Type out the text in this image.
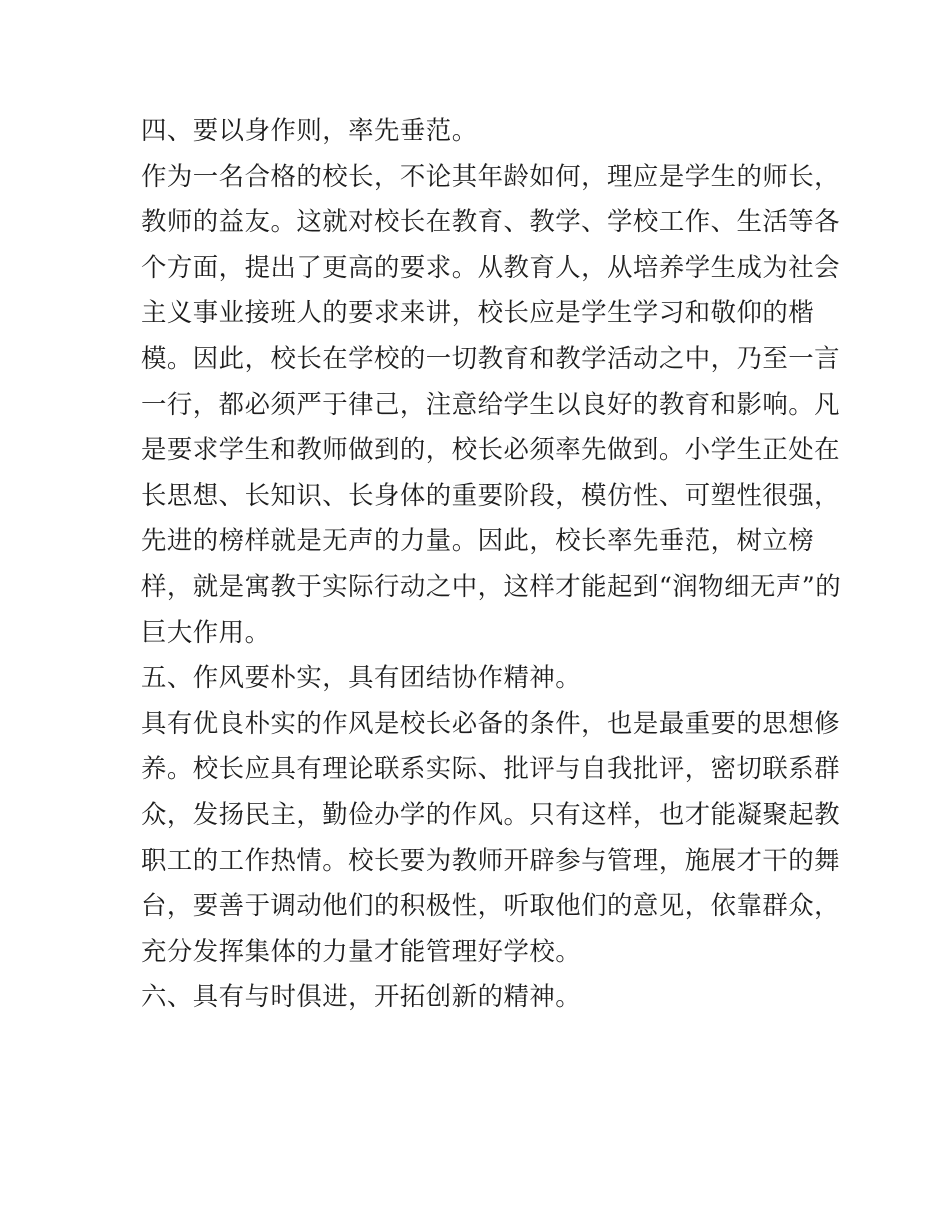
四、要以身作则，率先垂范。
作为一名合格的校长，不论其年龄如何，理应是学生的师长，
教师的益友。这就对校长在教育、教学、学校工作、生活等各
个方面，提出了更高的要求。从教育人，从培养学生成为社会
主义事业接班人的要求来讲，校长应是学生学习和敬仰的楷
模。因此，校长在学校的一切教育和教学活动之中，乃至一言
一行，都必须严于律己，注意给学生以良好的教育和影响。凡
是要求学生和教师做到的，校长必须率先做到。小学生正处在
长思想、长知识、长身体的重要阶段，模仿性、可塑性很强，
先进的榜样就是无声的力量。因此，校长率先垂范，树立榜
样，就是寓教于实际行动之中，这样才能起到“润物细无声”的
巨大作用。
五、作风要朴实，具有团结协作精神。
具有优良朴实的作风是校长必备的条件，也是最重要的思想修
养。校长应具有理论联系实际、批评与自我批评，密切联系群
众，发扬民主，勤俭办学的作风。只有这样，也才能凝聚起教
职工的工作热情。校长要为教师开辟参与管理，施展才干的舞
台，要善于调动他们的积极性，听取他们的意见，依靠群众，
充分发挥集体的力量才能管理好学校。
六、具有与时俱进，开拓创新的精神。
